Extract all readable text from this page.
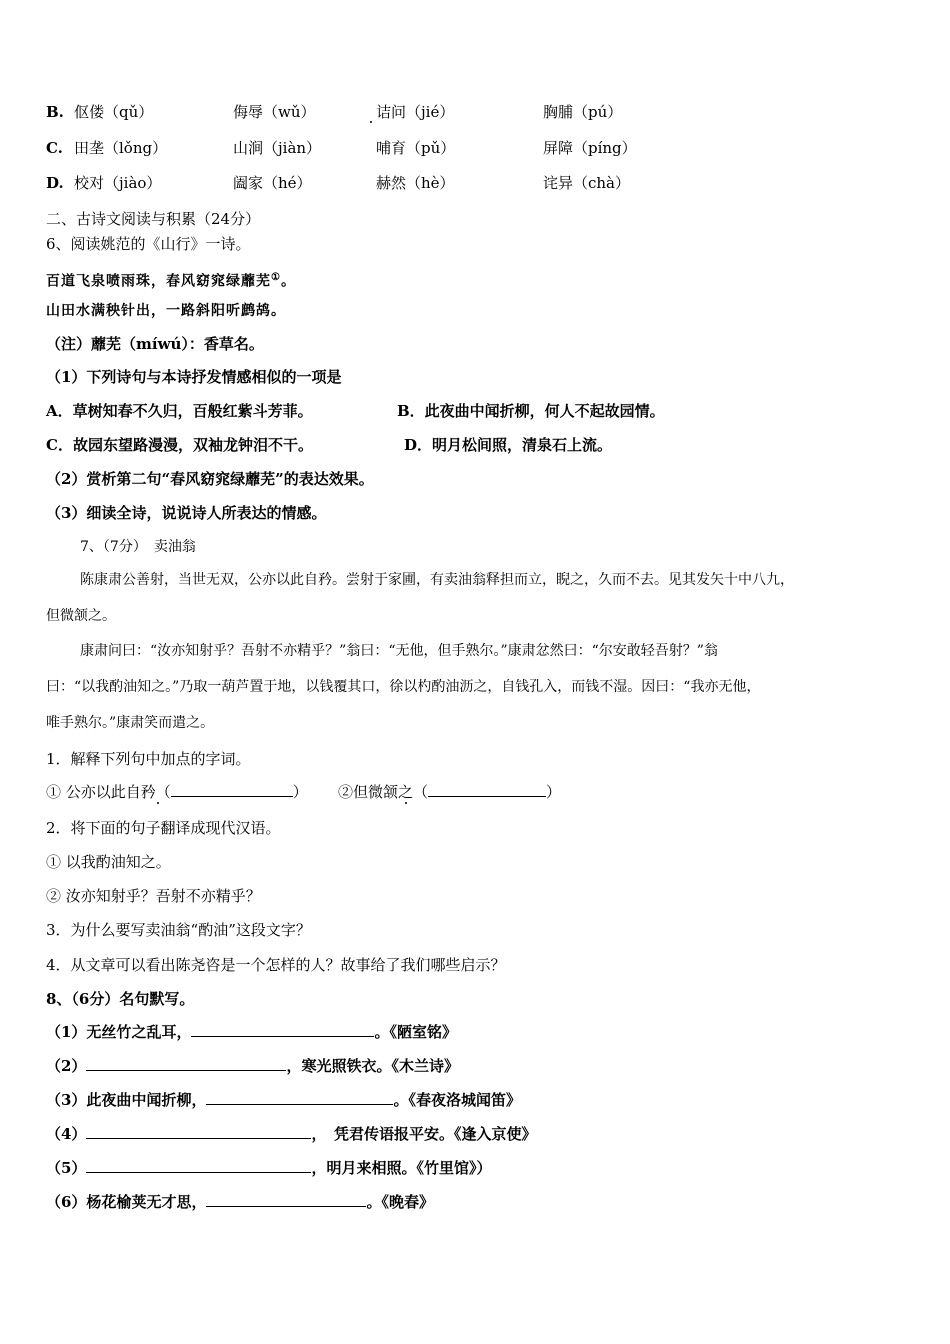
B. 伛偻（qǔ）	侮辱（wǔ）	诘问（jié）	胸脯（pú）
C. 田垄（lǒng）	山涧（jiàn）	哺育（pǔ）	屏障（píng）
D. 校对（jiào）	阖家（hé）	赫然（hè）	诧异（chà）
二、古诗文阅读与积累（24分）
6、阅读姚范的《山行》一诗。
百道飞泉喷雨珠，春风窈窕绿蘼芜①。
山田水满秧针出，一路斜阳听鹧鸪。
（注）蘼芜（míwú）：香草名。
（1）下列诗句与本诗抒发情感相似的一项是
A．草树知春不久归，百般红紫斗芳菲。	B．此夜曲中闻折柳，何人不起故园情。
C．故园东望路漫漫，双袖龙钟泪不干。	D．明月松间照，清泉石上流。
（2）赏析第二句“春风窈窕绿蘼芜”的表达效果。
（3）细读全诗，说说诗人所表达的情感。
7、（7分）　卖油翁
陈康肃公善射，当世无双，公亦以此自矜。尝射于家圃，有卖油翁释担而立，睨之，久而不去。见其发矢十中八九，
但微颔之。
康肃问曰：“汝亦知射乎？吾射不亦精乎？”翁曰：“无他，但手熟尔。”康肃忿然曰：“尔安敢轻吾射？”翁
曰：“以我酌油知之。”乃取一葫芦置于地，以钱覆其口，徐以杓酌油沥之，自钱孔入，而钱不湿。因曰：“我亦无他，
唯手熟尔。”康肃笑而遣之。
1．解释下列句中加点的字词。
① 公亦以此自矜（	） ②但微颔之（	）
2．将下面的句子翻译成现代汉语。
① 以我酌油知之。
② 汝亦知射乎？吾射不亦精乎？
3．为什么要写卖油翁“酌油”这段文字？
4．从文章可以看出陈尧咨是一个怎样的人？故事给了我们哪些启示？
8、（6分）名句默写。
（1）无丝竹之乱耳，	。《陋室铭》
（2）	，寒光照铁衣。《木兰诗》
（3）此夜曲中闻折柳，	。《春夜洛城闻笛》
（4）	，　凭君传语报平安。《逢入京使》
（5）	，明月来相照。《竹里馆》）
（6）杨花榆荚无才思，	。《晚春》
